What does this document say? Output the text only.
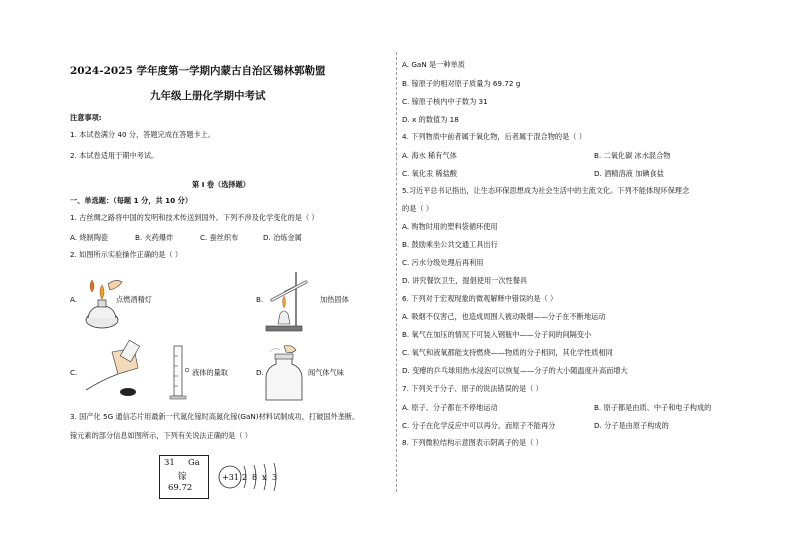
2024-2025 学年度第一学期内蒙古自治区锡林郭勒盟
九年级上册化学期中考试
注意事项:
1. 本试卷满分 40 分，答题完成在答题卡上。
2. 本试卷适用于期中考试。
第 I 卷（选择题）
一、单选题：（每题 1 分，共 10 分）
1. 古丝绸之路将中国的发明和技术传送到国外。下列不涉及化学变化的是（ ）
A. 烧制陶瓷	B. 火药爆炸	C. 蚕丝织布	D. 冶炼金属
2. 如图所示实验操作正确的是（ ）
A.	点燃酒精灯	B.	加热固体
C.	液体的量取	D.	闻气体气味
3. 国产化 5G 通信芯片用最新一代氮化镓时高氮化镓(GaN)材料试制成功，打破国外垄断。
镓元素的部分信息如图所示，下列有关说法正确的是（ ）
31 Ga
镓
69.72
+31 2 8 x 3
A. GaN 是一种单质
B. 镓原子的相对原子质量为 69.72 g
C. 镓原子核内中子数为 31
D. x 的数值为 18
4. 下列物质中前者属于氧化物，后者属于混合物的是（ ）
A. 海水 稀有气体	B. 二氧化碳 冰水混合物
C. 氧化汞 稀盐酸	D. 酒精溶液 加碘食盐
5.习近平总书记指出，让生态环保思想成为社会生活中的主流文化。下列不能体现环保理念
的是（ ）
A. 购物时用的塑料袋循环使用
B. 鼓励乘坐公共交通工具出行
C. 污水分级处理后再利用
D. 讲究餐饮卫生，提倡使用一次性餐具
6. 下列对于宏观现象的微观解释中错误的是（ ）
A. 吸烟不仅害己，也造成周围人被动吸烟——分子在不断地运动
B. 氧气在加压的情况下可装入钢瓶中——分子间的间隔变小
C. 氧气和液氧都能支持燃烧——物质的分子相同，其化学性质相同
D. 变瘪的乒乓球用热水浸泡可以恢复——分子的大小随温度升高而增大
7. 下列关于分子、原子的说法错误的是（ ）
A. 原子、分子都在不停地运动	B. 原子都是由质、中子和电子构成的
C. 分子在化学反应中可以再分，而原子不能再分	D. 分子是由原子构成的
8. 下列微粒结构示意图表示阴离子的是（ ）
